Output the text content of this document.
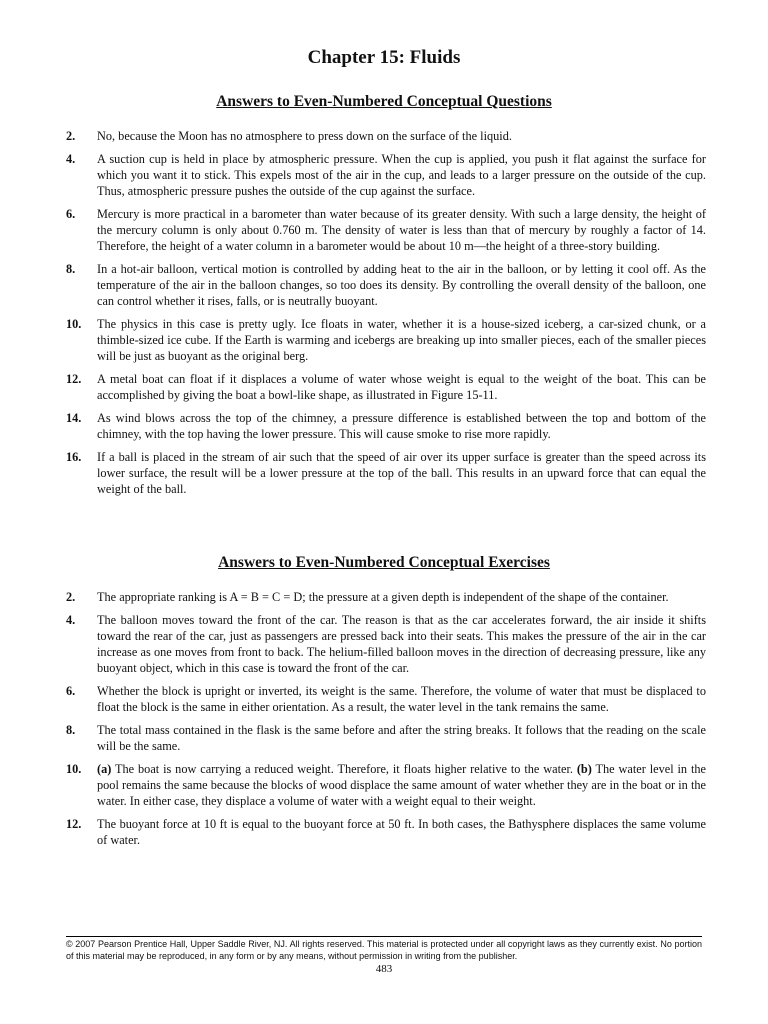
Chapter 15: Fluids
Answers to Even-Numbered Conceptual Questions
2. No, because the Moon has no atmosphere to press down on the surface of the liquid.
4. A suction cup is held in place by atmospheric pressure. When the cup is applied, you push it flat against the surface for which you want it to stick. This expels most of the air in the cup, and leads to a larger pressure on the outside of the cup. Thus, atmospheric pressure pushes the outside of the cup against the surface.
6. Mercury is more practical in a barometer than water because of its greater density. With such a large density, the height of the mercury column is only about 0.760 m. The density of water is less than that of mercury by roughly a factor of 14. Therefore, the height of a water column in a barometer would be about 10 m—the height of a three-story building.
8. In a hot-air balloon, vertical motion is controlled by adding heat to the air in the balloon, or by letting it cool off. As the temperature of the air in the balloon changes, so too does its density. By controlling the overall density of the balloon, one can control whether it rises, falls, or is neutrally buoyant.
10. The physics in this case is pretty ugly. Ice floats in water, whether it is a house-sized iceberg, a car-sized chunk, or a thimble-sized ice cube. If the Earth is warming and icebergs are breaking up into smaller pieces, each of the smaller pieces will be just as buoyant as the original berg.
12. A metal boat can float if it displaces a volume of water whose weight is equal to the weight of the boat. This can be accomplished by giving the boat a bowl-like shape, as illustrated in Figure 15-11.
14. As wind blows across the top of the chimney, a pressure difference is established between the top and bottom of the chimney, with the top having the lower pressure. This will cause smoke to rise more rapidly.
16. If a ball is placed in the stream of air such that the speed of air over its upper surface is greater than the speed across its lower surface, the result will be a lower pressure at the top of the ball. This results in an upward force that can equal the weight of the ball.
Answers to Even-Numbered Conceptual Exercises
2. The appropriate ranking is A = B = C = D; the pressure at a given depth is independent of the shape of the container.
4. The balloon moves toward the front of the car. The reason is that as the car accelerates forward, the air inside it shifts toward the rear of the car, just as passengers are pressed back into their seats. This makes the pressure of the air in the car increase as one moves from front to back. The helium-filled balloon moves in the direction of decreasing pressure, like any buoyant object, which in this case is toward the front of the car.
6. Whether the block is upright or inverted, its weight is the same. Therefore, the volume of water that must be displaced to float the block is the same in either orientation. As a result, the water level in the tank remains the same.
8. The total mass contained in the flask is the same before and after the string breaks. It follows that the reading on the scale will be the same.
10. (a) The boat is now carrying a reduced weight. Therefore, it floats higher relative to the water. (b) The water level in the pool remains the same because the blocks of wood displace the same amount of water whether they are in the boat or in the water. In either case, they displace a volume of water with a weight equal to their weight.
12. The buoyant force at 10 ft is equal to the buoyant force at 50 ft. In both cases, the Bathysphere displaces the same volume of water.

© 2007 Pearson Prentice Hall, Upper Saddle River, NJ. All rights reserved. This material is protected under all copyright laws as they currently exist. No portion of this material may be reproduced, in any form or by any means, without permission in writing from the publisher.

483
